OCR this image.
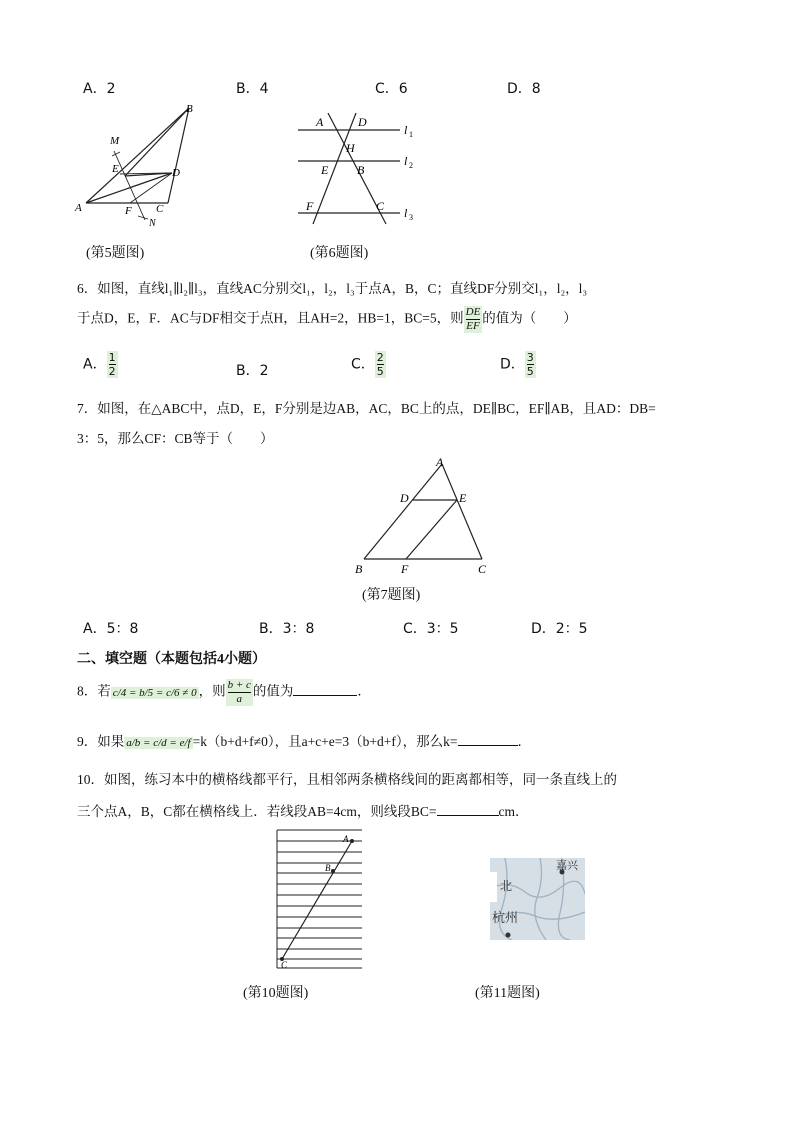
A．2	B．4	C．6	D．8
B
M
E	D
A	F C
N
(第5题图)
A	D
H
E B
F	C
l 1
l 2
l 3
(第6题图)
6．如图，直线l₁∥l₂∥l₃，直线AC分别交l₁，l₂，l₃于点A，B，C；直线DF分别交l₁，l₂，l₃
于点D，E，F．AC与DF相交于点H，且AH=2，HB=1，BC=5，则 $\frac{DE}{EF}$ 的值为（　　）
A． $\frac{1}{2}$	B．2	C． $\frac{2}{5}$	D． $\frac{3}{5}$
7．如图，在△ABC中，点D，E，F分别是边AB，AC，BC上的点，DE∥BC，EF∥AB，且AD：DB=
3：5，那么CF：CB等于（　　）
A
D	E
B	F	C
(第7题图)
A．5：8	B．3：8	C．3：5	D．2：5
二、填空题（本题包括4小题）
8．若 c/4 = b/5 = c/6 ≠ 0 ，则 $\frac{b + c}{a}$ 的值为	．
9．如果 a/b = c/d = e/f =k（b+d+f≠0），且a+c+e=3（b+d+f），那么k=	．
10．如图，练习本中的横格线都平行，且相邻两条横格线间的距离都相等，同一条直线上的
三个点A，B，C都在横格线上．若线段AB=4cm，则线段BC=	cm．
A
B
C
(第10题图)
嘉兴
北
杭州
(第11题图)
